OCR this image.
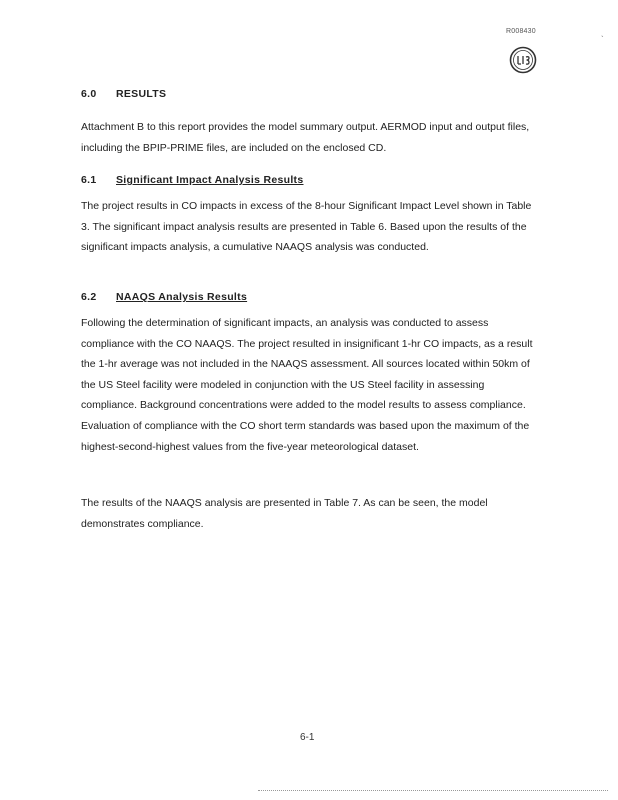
R008430
`
6.0 RESULTS

Attachment B to this report provides the model summary output. AERMOD input and output files, including the BPIP-PRIME files, are included on the enclosed CD.

6.1 Significant Impact Analysis Results

The project results in CO impacts in excess of the 8-hour Significant Impact Level shown in Table 3. The significant impact analysis results are presented in Table 6. Based upon the results of the significant impacts analysis, a cumulative NAAQS analysis was conducted.

6.2 NAAQS Analysis Results

Following the determination of significant impacts, an analysis was conducted to assess compliance with the CO NAAQS. The project resulted in insignificant 1-hr CO impacts, as a result the 1-hr average was not included in the NAAQS assessment. All sources located within 50km of the US Steel facility were modeled in conjunction with the US Steel facility in assessing compliance. Background concentrations were added to the model results to assess compliance. Evaluation of compliance with the CO short term standards was based upon the maximum of the highest-second-highest values from the five-year meteorological dataset.

The results of the NAAQS analysis are presented in Table 7. As can be seen, the model demonstrates compliance.

6-1
